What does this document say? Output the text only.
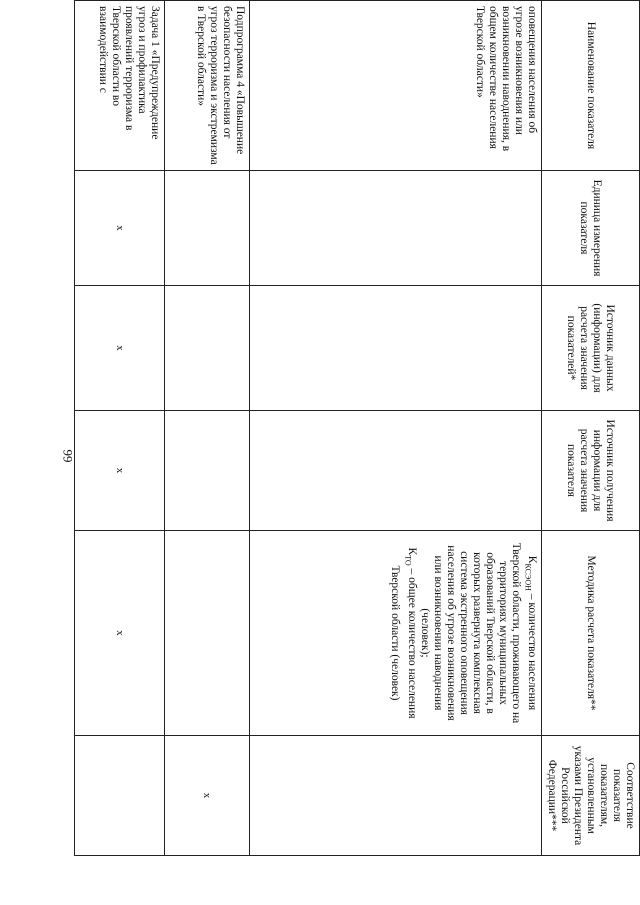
66
Наименование показателя	Единица измерения показателя	Источник данных (информации) для расчета значения показателей*	Источник получения информации для расчета значения показателя	Методика расчета показателя**	Соответствие показателя показателям, установленным указами Президента Российской Федерации***
оповещения населения об угрозе возникновения или возникновении наводнения, в общем количестве населения Тверской области»				$К_{КСЭОН}$ – количество населения Тверской области, проживающего на территориях муниципальных образований Тверской области, в которых развернута комплексная система экстренного оповещения населения об угрозе возникновения или возникновении наводнения (человек);
$К_{ТО}$ – общее количество населения Тверской области (человек)	

Подпрограмма 4 «Повышение безопасности населения от угроз терроризма и экстремизма в Тверской области»					x
Задача 1 «Предупреждение угроз и профилактика проявлений терроризма в Тверской области во взаимодействии с	x	x	x	x	
